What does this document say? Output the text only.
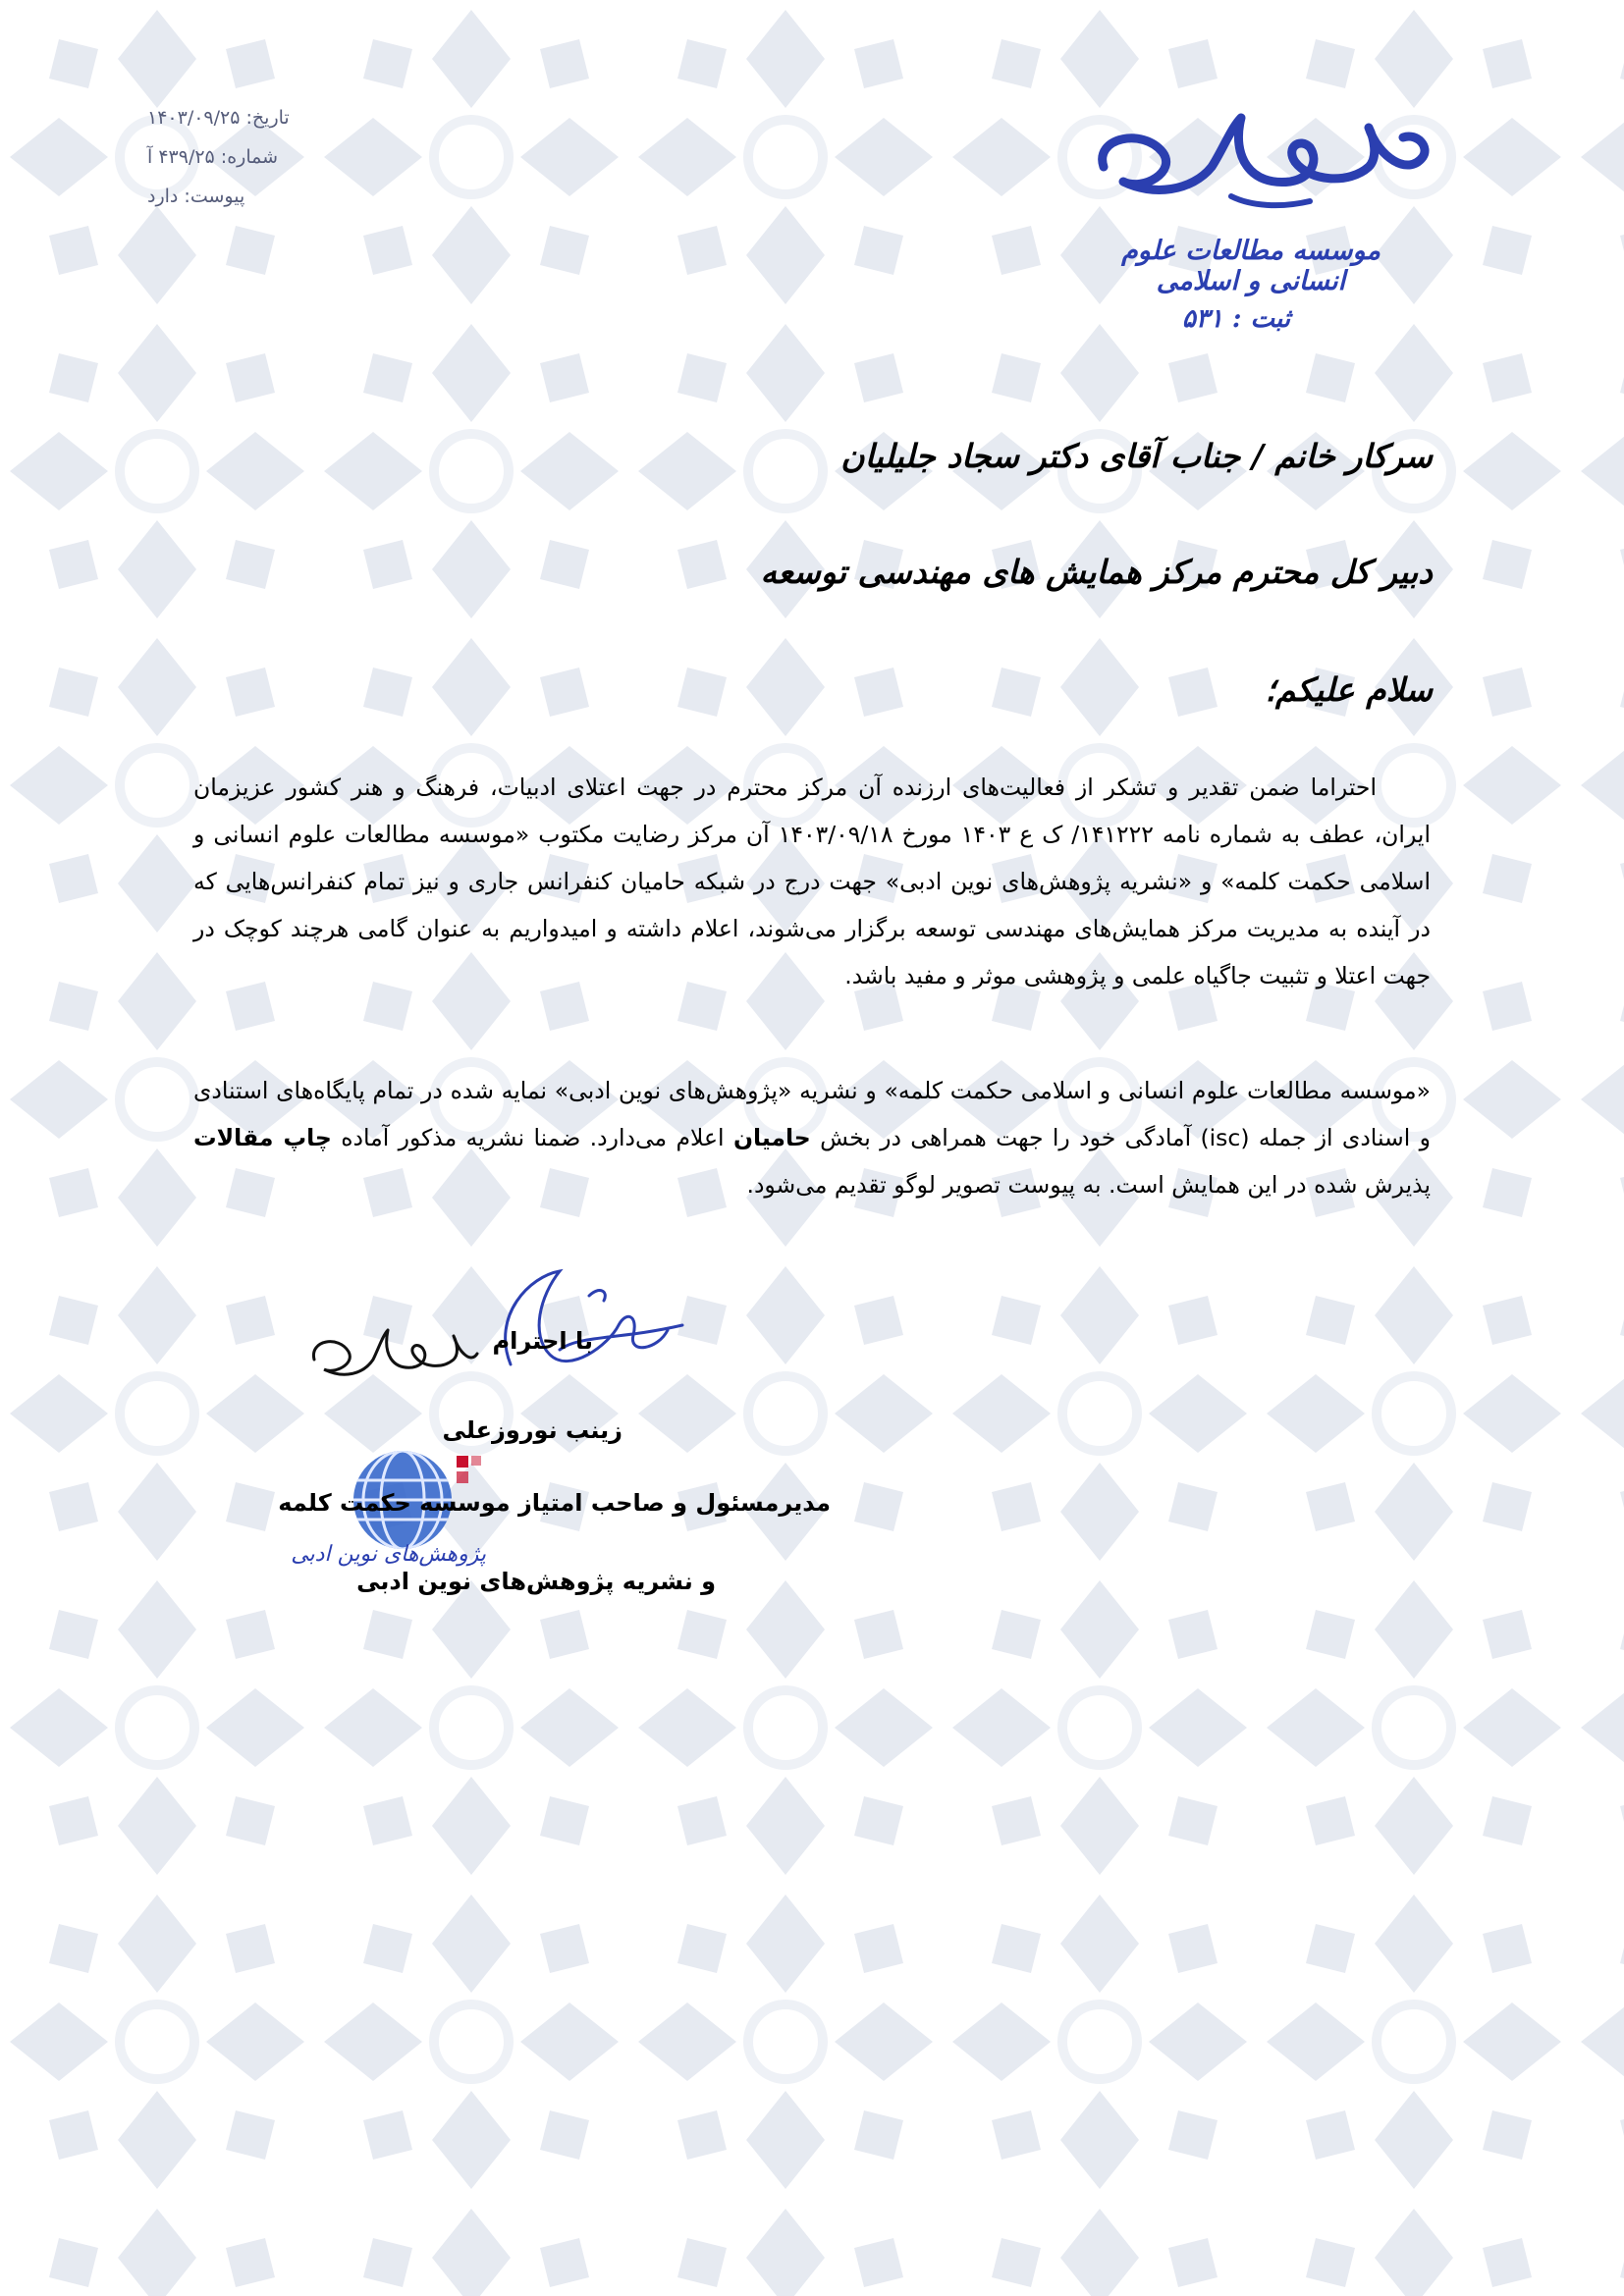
تاریخ: ۱۴۰۳/۰۹/۲۵
شماره: ۴۳۹/۲۵ آ
پیوست: دارد
موسسه مطالعات علوم انسانی و اسلامی
ثبت : ۵۳۱
سرکار خانم / جناب آقای دکتر سجاد جلیلیان
دبیر کل محترم مرکز همایش های مهندسی توسعه
سلام علیکم؛

احتراما ضمن تقدیر و تشکر از فعالیت‌های ارزنده آن مرکز محترم در جهت اعتلای ادبیات، فرهنگ و هنر کشور عزیزمان ایران، عطف به شماره نامه ۱۴۱۲۲۲/ ک ع ۱۴۰۳ مورخ ۱۴۰۳/۰۹/۱۸ آن مرکز رضایت مکتوب «موسسه مطالعات علوم انسانی و اسلامی حکمت کلمه» و «نشریه پژوهش‌های نوین ادبی» جهت درج در شبکه حامیان کنفرانس جاری و نیز تمام کنفرانس‌هایی که در آینده به مدیریت مرکز همایش‌های مهندسی توسعه برگزار می‌شوند، اعلام داشته و امیدواریم به عنوان گامی هرچند کوچک در جهت اعتلا و تثبیت جاگیاه علمی و پژوهشی موثر و مفید باشد.

«موسسه مطالعات علوم انسانی و اسلامی حکمت کلمه» و نشریه «پژوهش‌های نوین ادبی» نمایه شده در تمام پایگاه‌های استنادی و اسنادی از جمله (isc) آمادگی خود را جهت همراهی در بخش حامیان اعلام می‌دارد. ضمنا نشریه مذکور آماده چاپ مقالات پذیرش شده در این همایش است. به پیوست تصویر لوگو تقدیم می‌شود.

پژوهش‌های نوین ادبی
با احترام
زینب نوروزعلی
مدیرمسئول و صاحب امتیاز موسسه حکمت کلمه
و نشریه پژوهش‌های نوین ادبی
